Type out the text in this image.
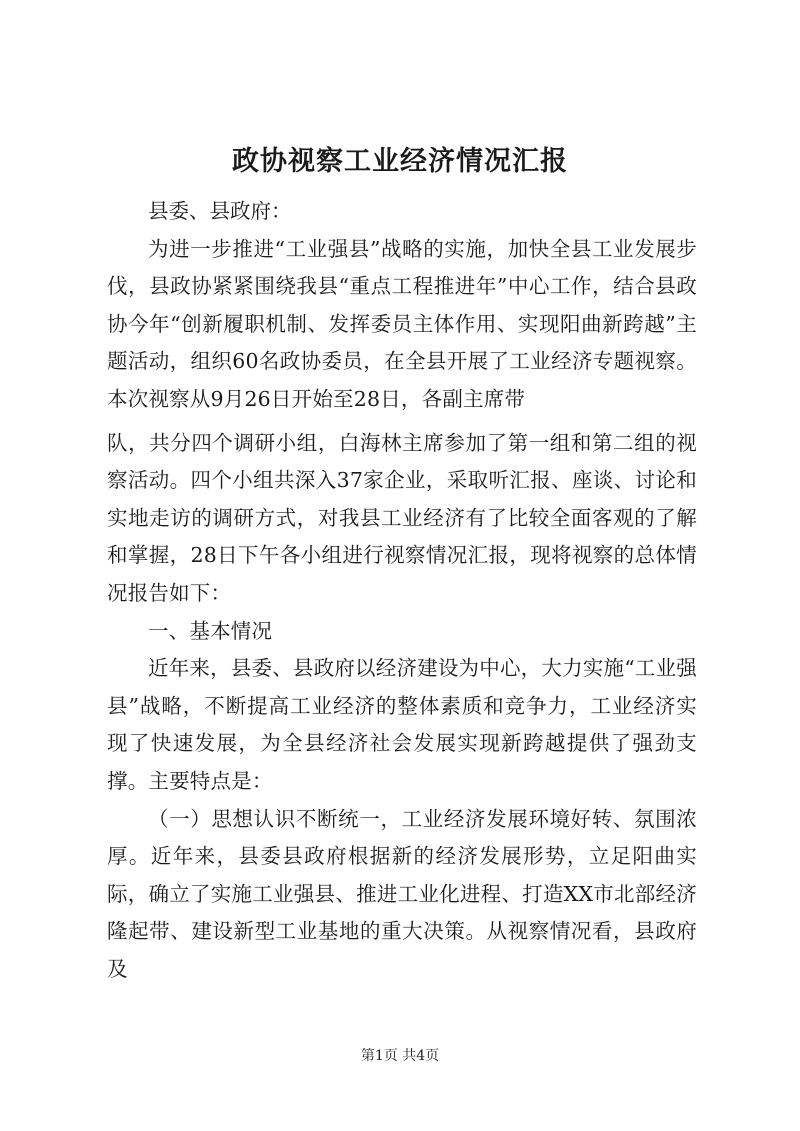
政协视察工业经济情况汇报

县委、县政府：

为进一步推进“工业强县”战略的实施，加快全县工业发展步伐，县政协紧紧围绕我县“重点工程推进年”中心工作，结合县政协今年“创新履职机制、发挥委员主体作用、实现阳曲新跨越”主题活动，组织60名政协委员，在全县开展了工业经济专题视察。本次视察从9月26日开始至28日，各副主席带

队，共分四个调研小组，白海林主席参加了第一组和第二组的视察活动。四个小组共深入37家企业，采取听汇报、座谈、讨论和实地走访的调研方式，对我县工业经济有了比较全面客观的了解和掌握，28日下午各小组进行视察情况汇报，现将视察的总体情况报告如下：

一、基本情况

近年来，县委、县政府以经济建设为中心，大力实施“工业强县”战略，不断提高工业经济的整体素质和竞争力，工业经济实现了快速发展，为全县经济社会发展实现新跨越提供了强劲支撑。主要特点是：

（一）思想认识不断统一，工业经济发展环境好转、氛围浓厚。近年来，县委县政府根据新的经济发展形势，立足阳曲实际，确立了实施工业强县、推进工业化进程、打造XX市北部经济隆起带、建设新型工业基地的重大决策。从视察情况看，县政府及

第1页 共4页
